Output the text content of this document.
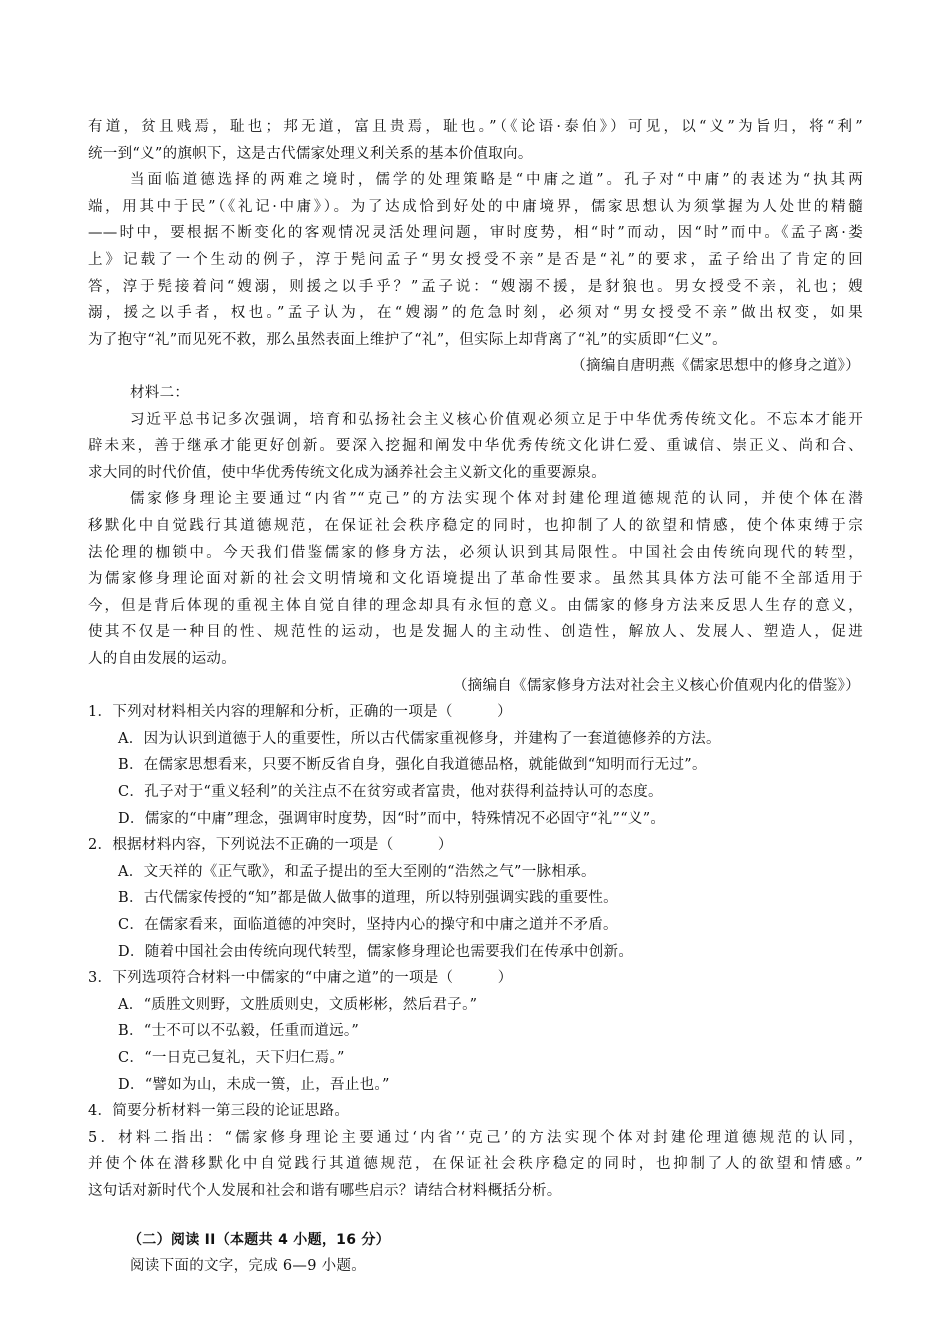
有道，贫且贱焉，耻也；邦无道，富且贵焉，耻也。”（《论语·泰伯》）可见，以“义”为旨归，将“利”
统一到“义”的旗帜下，这是古代儒家处理义利关系的基本价值取向。
当面临道德选择的两难之境时，儒学的处理策略是“中庸之道”。孔子对“中庸”的表述为“执其两
端，用其中于民”（《礼记·中庸》）。为了达成恰到好处的中庸境界，儒家思想认为须掌握为人处世的精髓
——时中，要根据不断变化的客观情况灵活处理问题，审时度势，相“时”而动，因“时”而中。《孟子离·娄
上》记载了一个生动的例子，淳于髡问孟子“男女授受不亲”是否是“礼”的要求，孟子给出了肯定的回
答，淳于髡接着问“嫂溺，则援之以手乎？”孟子说：“嫂溺不援，是豺狼也。男女授受不亲，礼也；嫂
溺，援之以手者，权也。”孟子认为，在“嫂溺”的危急时刻，必须对“男女授受不亲”做出权变，如果
为了抱守“礼”而见死不救，那么虽然表面上维护了“礼”，但实际上却背离了“礼”的实质即“仁义”。
（摘编自唐明燕《儒家思想中的修身之道》）
材料二：
习近平总书记多次强调，培育和弘扬社会主义核心价值观必须立足于中华优秀传统文化。不忘本才能开
辟未来，善于继承才能更好创新。要深入挖掘和阐发中华优秀传统文化讲仁爱、重诚信、崇正义、尚和合、
求大同的时代价值，使中华优秀传统文化成为涵养社会主义新文化的重要源泉。
儒家修身理论主要通过“内省”“克己”的方法实现个体对封建伦理道德规范的认同，并使个体在潜
移默化中自觉践行其道德规范，在保证社会秩序稳定的同时，也抑制了人的欲望和情感，使个体束缚于宗
法伦理的枷锁中。今天我们借鉴儒家的修身方法，必须认识到其局限性。中国社会由传统向现代的转型，
为儒家修身理论面对新的社会文明情境和文化语境提出了革命性要求。虽然其具体方法可能不全部适用于
今，但是背后体现的重视主体自觉自律的理念却具有永恒的意义。由儒家的修身方法来反思人生存的意义，
使其不仅是一种目的性、规范性的运动，也是发掘人的主动性、创造性，解放人、发展人、塑造人，促进
人的自由发展的运动。
（摘编自《儒家修身方法对社会主义核心价值观内化的借鉴》）
1．下列对材料相关内容的理解和分析，正确的一项是（　　　）
A．因为认识到道德于人的重要性，所以古代儒家重视修身，并建构了一套道德修养的方法。
B．在儒家思想看来，只要不断反省自身，强化自我道德品格，就能做到“知明而行无过”。
C．孔子对于“重义轻利”的关注点不在贫穷或者富贵，他对获得利益持认可的态度。
D．儒家的“中庸”理念，强调审时度势，因“时”而中，特殊情况不必固守“礼”“义”。
2．根据材料内容，下列说法不正确的一项是（　　　）
A．文天祥的《正气歌》，和孟子提出的至大至刚的“浩然之气”一脉相承。
B．古代儒家传授的“知”都是做人做事的道理，所以特别强调实践的重要性。
C．在儒家看来，面临道德的冲突时，坚持内心的操守和中庸之道并不矛盾。
D．随着中国社会由传统向现代转型，儒家修身理论也需要我们在传承中创新。
3．下列选项符合材料一中儒家的“中庸之道”的一项是（　　　）
A．“质胜文则野，文胜质则史，文质彬彬，然后君子。”
B．“士不可以不弘毅，任重而道远。”
C．“一日克己复礼，天下归仁焉。”
D．“譬如为山，未成一篑，止，吾止也。”
4．简要分析材料一第三段的论证思路。
5．材料二指出：“儒家修身理论主要通过‘内省’‘克己’的方法实现个体对封建伦理道德规范的认同，
并使个体在潜移默化中自觉践行其道德规范，在保证社会秩序稳定的同时，也抑制了人的欲望和情感。”
这句话对新时代个人发展和社会和谐有哪些启示？请结合材料概括分析。
（二）阅读 II（本题共 4 小题，16 分）
阅读下面的文字，完成 6—9 小题。
